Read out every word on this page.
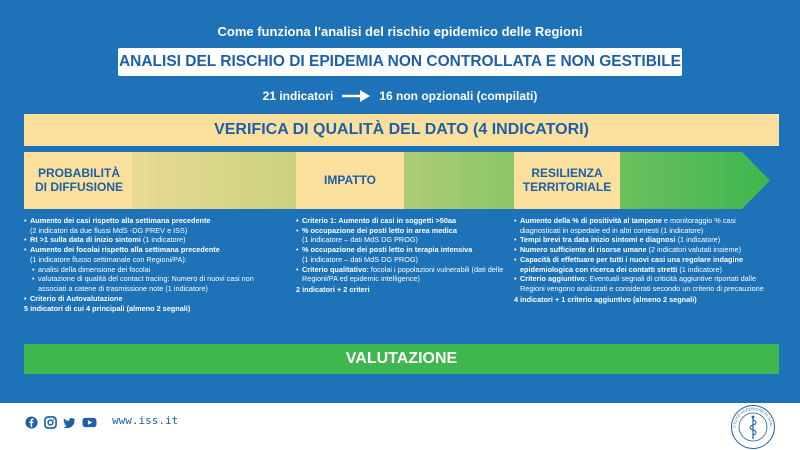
Come funziona l'analisi del rischio epidemico delle Regioni
ANALISI DEL RISCHIO DI EPIDEMIA NON CONTROLLATA E NON GESTIBILE
21 indicatori	16 non opzionali (compilati)
VERIFICA DI QUALITÀ DEL DATO (4 INDICATORI)
PROBABILITÀ
DI DIFFUSIONE	IMPATTO	RESILIENZA
TERRITORIALE
• Aumento dei casi rispetto alla settimana precedente
(2 indicatori da due flussi MdS -DG PREV e ISS)
• Rt >1 sulla data di inizio sintomi (1 indicatore)
• Aumento dei focolai rispetto alla settimana precedente
(1 indicatore flusso settimanale con Regioni/PA):
• analisi della dimensione dei focolai
• valutazione di qualità del contact tracing: Numero di nuovi casi non associati a catene di trasmissione note (1 indicatore)
• Criterio di Autovalutazione
5 indicatori di cui 4 principali (almeno 2 segnali)
• Criterio 1: Aumento di casi in soggetti >50aa
• % occupazione dei posti letto in area medica
(1 indicatore – dati MdS DG PROG)
• % occupazione dei posti letto in terapia intensiva
(1 indicatore – dati MdS DG PROG)
• Criterio qualitativo: focolai i popolazioni vulnerabili (dati delle Regioni/PA ed epidemic intelligence)
2 indicatori + 2 criteri
• Aumento della % di positività al tampone e monitoraggio % casi diagnosticati in ospedale ed in altri contesti (1 indicatore)
• Tempi brevi tra data inizio sintomi e diagnosi (1 indicatore)
• Numero sufficiente di risorse umane (2 indicatori valutati insieme)
• Capacità di effettuare per tutti i nuovi casi una regolare indagine epidemiologica con ricerca dei contatti stretti (1 indicatore)
• Criterio aggiuntivo: Eventuali segnali di criticità aggiuntive riportati dalle Regioni vengono analizzati e considerati secondo un criterio di precauzione
4 indicatori + 1 criterio aggiuntivo (almeno 2 segnali)
VALUTAZIONE
www.iss.it	TITUTO SUPERIORE DI SANI
